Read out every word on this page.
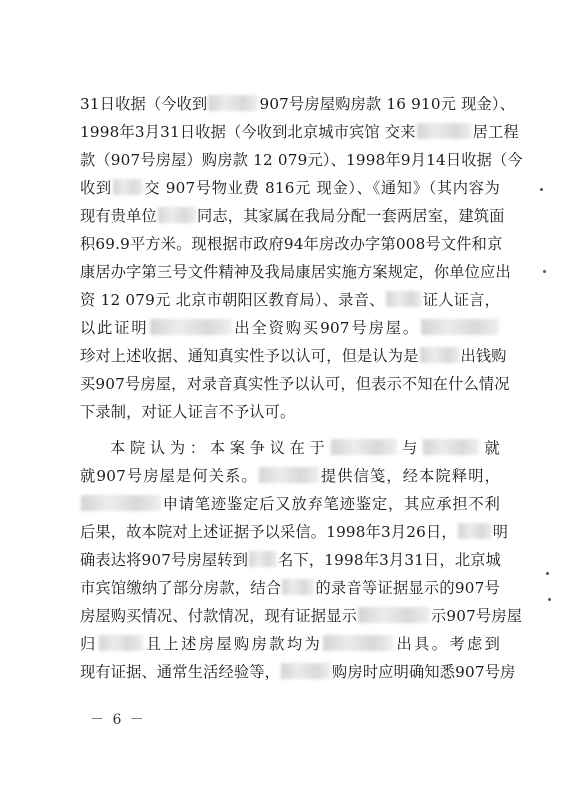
31日收据（今收到	907号房屋购房款 16 910元 现金）、
1998年3月31日收据（今收到北京城市宾馆 交来	居工程
款（907号房屋）购房款 12 079元）、1998年9月14日收据（今
收到 交 907号物业费 816元 现金）、《通知》（其内容为
现有贵单位	同志，其家属在我局分配一套两居室，建筑面
积69.9平方米。现根据市政府94年房改办字第008号文件和京
康居办字第三号文件精神及我局康居实施方案规定，你单位应出
资 12 079元 北京市朝阳区教育局）、录音、	证人证言，
以此证明	出全资购买907号房屋。
珍对上述收据、通知真实性予以认可，但是认为是	出钱购
买907号房屋，对录音真实性予以认可，但表示不知在什么情况
下录制，对证人证言不予认可。
本院认为：本案争议在于	与	就
就907号房屋是何关系。	提供信笺，经本院释明，
申请笔迹鉴定后又放弃笔迹鉴定，其应承担不利
后果，故本院对上述证据予以采信。1998年3月26日， 明
确表达将907号房屋转到 名下，1998年3月31日，北京城
市宾馆缴纳了部分房款，结合 的录音等证据显示的907号
房屋购买情况、付款情况，现有证据显示	示907号房屋
归	且上述房屋购房款均为	出具。考虑到
现有证据、通常生活经验等，	购房时应明确知悉907号房
－ 6 －
